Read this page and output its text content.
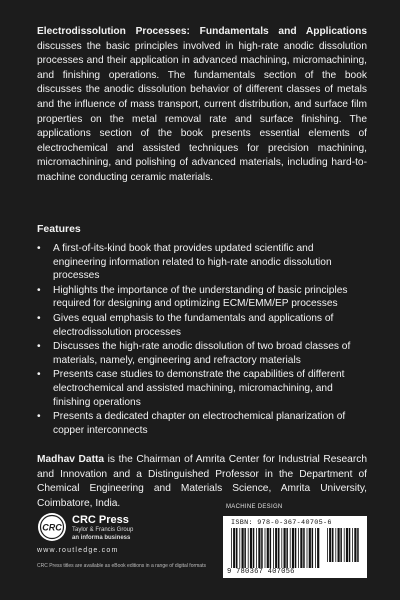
Electrodissolution Processes: Fundamentals and Applications discusses the basic principles involved in high-rate anodic dissolution processes and their application in advanced machining, micromachining, and finishing operations. The fundamentals section of the book discusses the anodic dissolution behavior of different classes of metals and the influence of mass transport, current distribution, and surface film properties on the metal removal rate and surface finishing. The applications section of the book presents essential elements of electrochemical and assisted techniques for precision machining, micromachining, and polishing of advanced materials, including hard-to-machine conducting ceramic materials.

Features
• A first-of-its-kind book that provides updated scientific and engineering information related to high-rate anodic dissolution processes
• Highlights the importance of the understanding of basic principles required for designing and optimizing ECM/EMM/EP processes
• Gives equal emphasis to the fundamentals and applications of electrodissolution processes
• Discusses the high-rate anodic dissolution of two broad classes of materials, namely, engineering and refractory materials
• Presents case studies to demonstrate the capabilities of different electrochemical and assisted machining, micromachining, and finishing operations
• Presents a dedicated chapter on electrochemical planarization of copper interconnects

Madhav Datta is the Chairman of Amrita Center for Industrial Research and Innovation and a Distinguished Professor in the Department of Chemical Engineering and Materials Science, Amrita University, Coimbatore, India.

CRC
CRC Press
Taylor & Francis Group
an informa business
www.routledge.com
CRC Press titles are available as eBook editions in a range of digital formats
MACHINE DESIGN
ISBN: 978-0-367-40705-6
9 780367 407056
